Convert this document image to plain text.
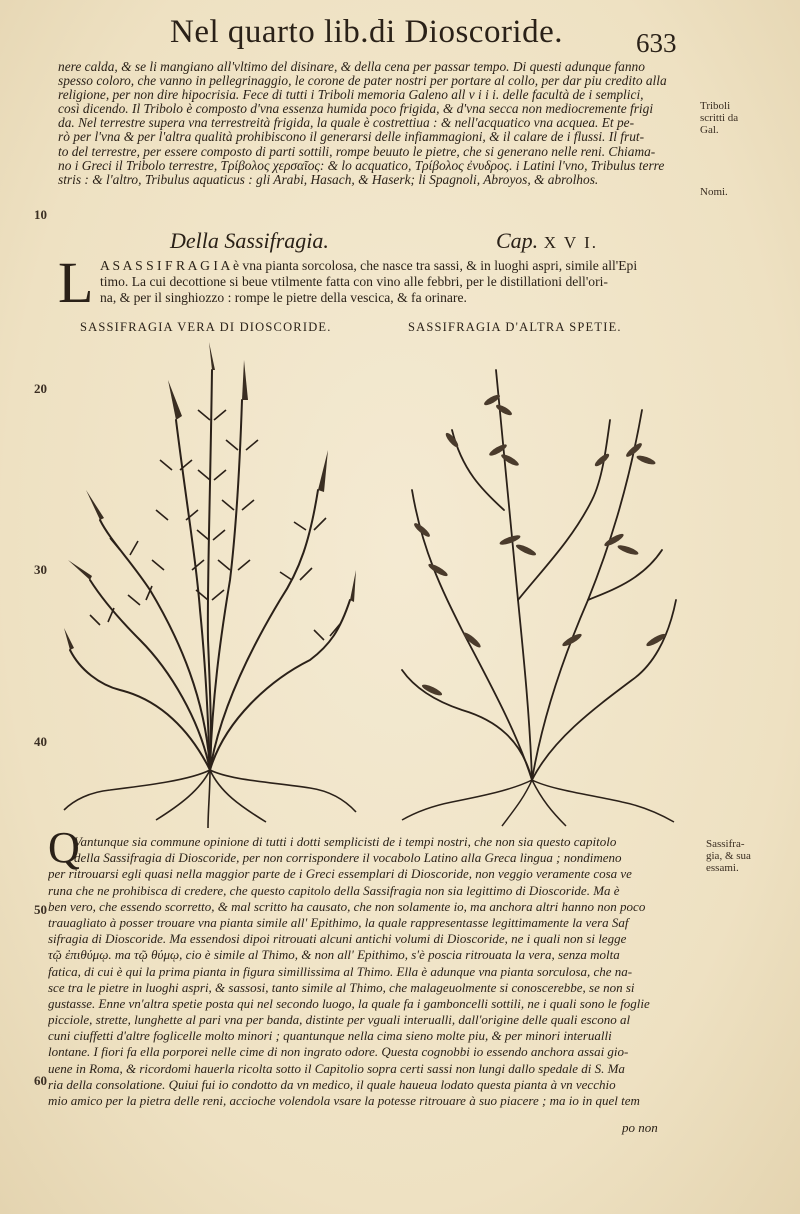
Nel quarto lib.di Dioscoride.	633
nere calda, & se li mangiano all'vltimo del disinare, & della cena per passar tempo. Di questi adunque fanno
spesso coloro, che vanno in pellegrinaggio, le corone de pater nostri per portare al collo, per dar piu credito alla
religione, per non dire hipocrisia. Fece di tutti i Triboli memoria Galeno all v i i i. delle facultà de i semplici,
così dicendo. Il Tribolo è composto d'vna essenza humida poco frigida, & d'vna secca non mediocremente frigi
da. Nel terrestre supera vna terrestreità frigida, la quale è costrettiua : & nell'acquatico vna acquea. Et pe-
rò per l'vna & per l'altra qualità prohibiscono il generarsi delle infiammagioni, & il calare de i flussi. Il frut-
to del terrestre, per essere composto di parti sottili, rompe beuuto le pietre, che si generano nelle reni. Chiama-
no i Greci il Tribolo terrestre, Τρίβολος χερσαῖος: & lo acquatico, Τρίβολος ἐνυδρος. i Latini l'vno, Tribulus terre
stris : & l'altro, Tribulus aquaticus : gli Arabi, Hasach, & Haserk; li Spagnoli, Abroyos, & abrolhos.
Triboli
scritti da
Gal.
Nomi.
10
20
30
40
50
60
Della Sassifragia.	Cap. X V I.
L A S A S S I F R A G I A è vna pianta sorcolosa, che nasce tra sassi, & in luoghi aspri, simile all'Epi
timo. La cui decottione si beue vtilmente fatta con vino alle febbri, per le distillationi dell'ori-
na, & per il singhiozzo : rompe le pietre della vescica, & fa orinare.
SASSIFRAGIA VERA DI DIOSCORIDE.	SASSIFRAGIA D'ALTRA SPETIE.
Sassifra-
gia, & sua
essami.
Q
Vantunque sia commune opinione di tutti i dotti semplicisti de i tempi nostri, che non sia questo capitolo
della Sassifragia di Dioscoride, per non corrispondere il vocabolo Latino alla Greca lingua ; nondimeno
per ritrouarsi egli quasi nella maggior parte de i Greci essemplari di Dioscoride, non veggio veramente cosa ve
runa che ne prohibisca di credere, che questo capitolo della Sassifragia non sia legittimo di Dioscoride. Ma è
ben vero, che essendo scorretto, & mal scritto ha causato, che non solamente io, ma anchora altri hanno non poco
trauagliato à posser trouare vna pianta simile all' Epithimo, la quale rappresentasse legittimamente la vera Saf
sifragia di Dioscoride. Ma essendosi dipoi ritrouati alcuni antichi volumi di Dioscoride, ne i quali non si legge
τῷ ἐπιθύμῳ. ma τῷ θύμῳ, cio è simile al Thimo, & non all' Epithimo, s'è poscia ritrouata la vera, senza molta
fatica, di cui è qui la prima pianta in figura simillissima al Thimo. Ella è adunque vna pianta sorculosa, che na-
sce tra le pietre in luoghi aspri, & sassosi, tanto simile al Thimo, che malageuolmente si conoscerebbe, se non si
gustasse. Enne vn'altra spetie posta qui nel secondo luogo, la quale fa i gamboncelli sottili, ne i quali sono le foglie
picciole, strette, lunghette al pari vna per banda, distinte per vguali interualli, dall'origine delle quali escono al
cuni ciuffetti d'altre foglicelle molto minori ; quantunque nella cima sieno molte piu, & per minori interualli
lontane. I fiori fa ella porporei nelle cime di non ingrato odore. Questa cognobbi io essendo anchora assai gio-
uene in Roma, & ricordomi hauerla ricolta sotto il Capitolio sopra certi sassi non lungi dallo spedale di S. Ma
ria della consolatione. Quiui fui io condotto da vn medico, il quale haueua lodato questa pianta à vn vecchio
mio amico per la pietra delle reni, accioche volendola vsare la potesse ritrouare à suo piacere ; ma io in quel tem
po non
